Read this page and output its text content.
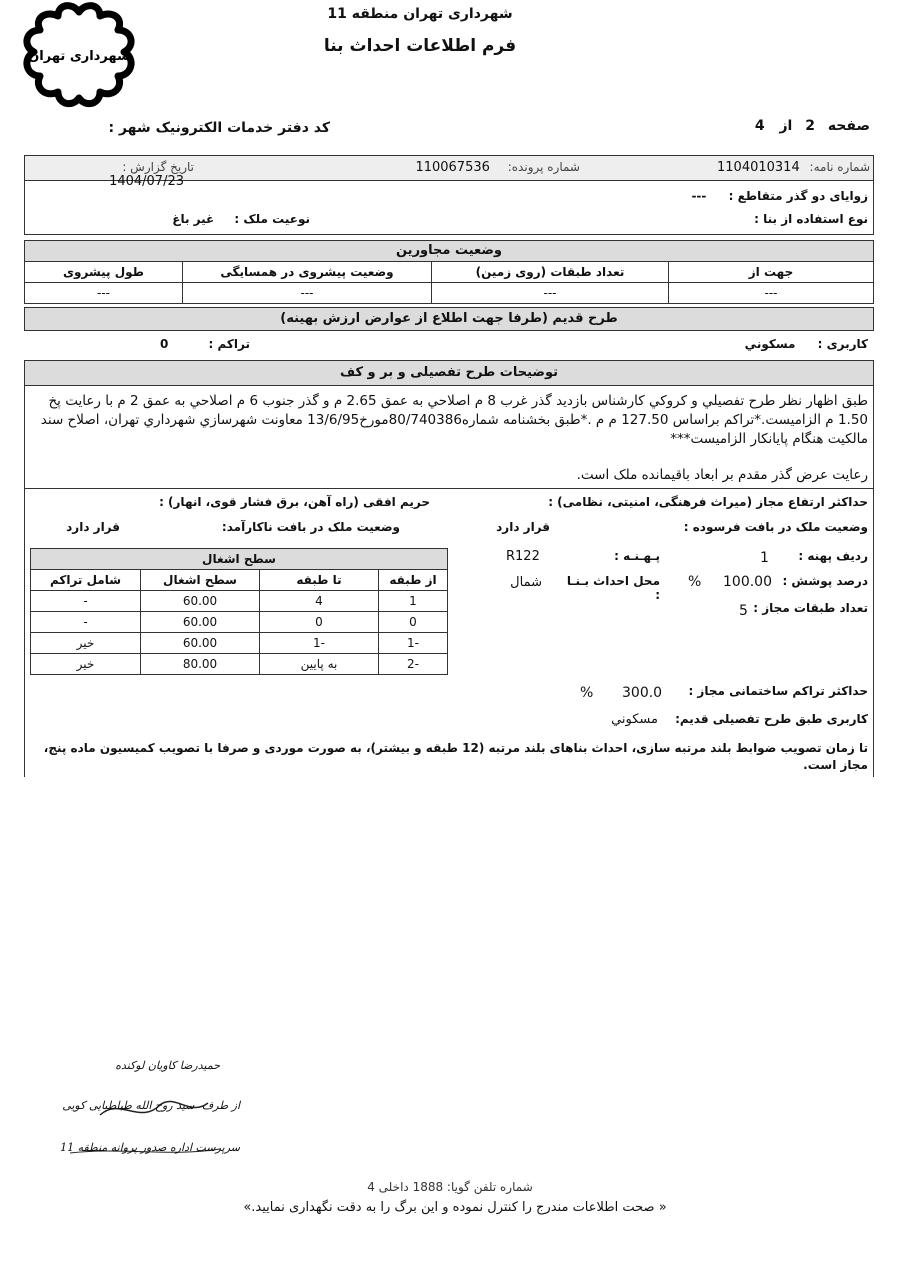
شهرداری تهران
شهرداری تهران منطقه 11
فرم اطلاعات احداث بنا
صفحه 2 از 4
کد دفتر خدمات الکترونیک شهر :
شماره نامه: 1104010314
شماره پرونده: 110067536
تاریخ گزارش : 1404/07/23
زوایای دو گذر متقاطع : ---
نوع استفاده از بنا :
نوعیت ملک : غیر باغ
وضعیت مجاورین
جهت از	تعداد طبقات (روی زمین)	وضعیت پیشروی در همسایگی	طول پیشروی
---	---	---	---
طرح قدیم (طرفا جهت اطلاع از عوارض ارزش بهینه)
کاربری : مسکوني
تراکم : 0
توضیحات طرح تفصیلی و بر و کف
طبق اظهار نظر طرح تفصیلي و کروکي کارشناس بازدید گذر غرب 8 م اصلاحي به عمق 2.65 م و گذر جنوب 6 م اصلاحي به عمق 2 م با رعایت پخ 1.50 م الزامیست.*تراکم براساس 127.50 م م .*طبق بخشنامه شماره80/740386مورخ13/6/95 معاونت شهرسازي شهرداري تهران، اصلاح سند مالکیت هنگام پایانکار الزامیست***
رعایت عرض گذر مقدم بر ابعاد باقیمانده ملک است.
حداکثر ارتفاع مجاز (میراث فرهنگی، امنیتی، نظامی) :
حریم افقی (راه آهن، برق فشار قوی، انهار) :
وضعیت ملک در بافت فرسوده :
قرار دارد
وضعیت ملک در بافت ناکارآمد:
قرار دارد
ردیف پهنه :
1
پـهـنـه :
R122
درصد پوشش :
100.00
%
محل احداث بـنـا :
شمال
تعداد طبقات مجاز :
5
حداکثر تراکم ساختمانی مجاز :
300.0
%
کاربری طبق طرح تفصیلی قدیم:
مسکوني
سطح اشغال			
از طبقه	تا طبقه	سطح اشغال	شامل تراکم
1	4	60.00	-
0	0	60.00	-
-1	-1	60.00	خیر
-2	به پایین	80.00	خیر
تا زمان تصویب ضوابط بلند مرتبه سازی، احداث بناهای بلند مرتبه (12 طبقه و بیشتر)، به صورت موردی و صرفا با تصویب کمیسیون ماده پنج، مجاز است.
حمیدرضا کاویان لوکنده
از طرف سید روح الله طباطبایی کویی
سرپرست اداره صدور پروانه منطقه 11
شماره تلفن گویا: 1888 داخلی 4
« صحت اطلاعات مندرج را کنترل نموده و این برگ را به دقت نگهداری نمایید.»
